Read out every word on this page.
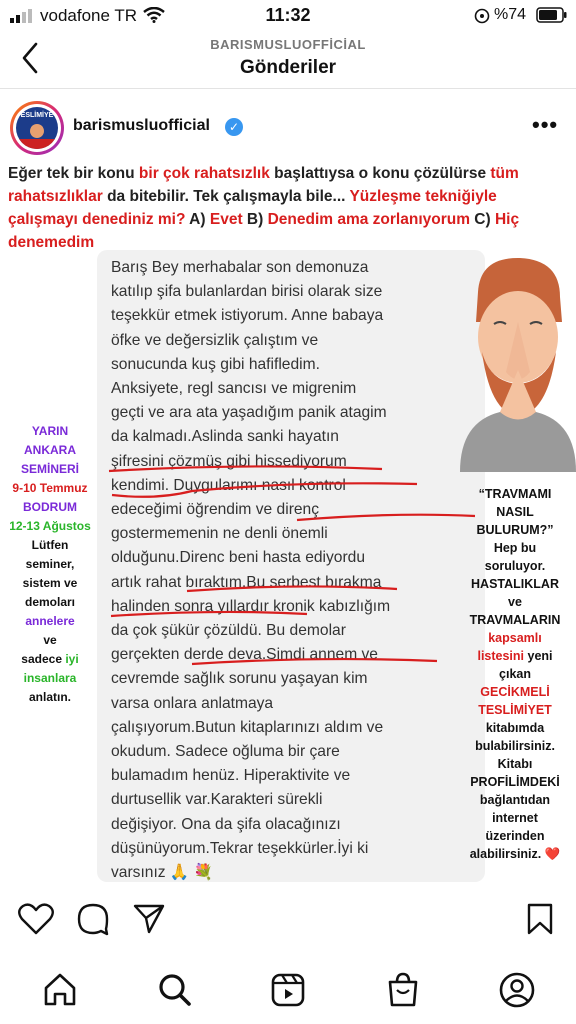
vodafone TR	11:32	%74
BARISMUSLUOFFİCİAL
Gönderiler
TESLİMİYET
barismusluofficial	✓	•••
Eğer tek bir konu bir çok rahatsızlık başlattıysa o konu çözülürse tüm rahatsızlıklar da bitebilir. Tek çalışmayla bile... Yüzleşme tekniğiyle çalışmayı denediniz mi? A) Evet B) Denedim ama zorlanıyorum C) Hiç denemedim
Barış Bey merhabalar son demonuza
katılıp şifa bulanlardan birisi olarak size
teşekkür etmek istiyorum. Anne babaya
öfke ve değersizlik çalıştım ve
sonucunda kuş gibi hafifledim.
Anksiyete, regl sancısı ve migrenim
geçti ve ara ata yaşadığım panik atagim
da kalmadı.Aslinda sanki hayatın
şifresini çözmüş gibi hissediyorum
kendimi. Duygularımı nasıl kontrol
edeceğimi öğrendim ve direnç
gostermemenin ne denli önemli
olduğunu.Direnc beni hasta ediyordu
artık rahat bıraktım.Bu serbest bırakma
halinden sonra yıllardır kronik kabızlığım
da çok şükür çözüldü. Bu demolar
gerçekten derde deva.Simdi annem ve
cevremde sağlık sorunu yaşayan kim
varsa onlara anlatmaya
çalışıyorum.Butun kitaplarınızı aldım ve
okudum. Sadece oğluma bir çare
bulamadım henüz. Hiperaktivite ve
durtusellik var.Karakteri sürekli
değişiyor. Ona da şifa olacağınızı
düşünüyorum.Tekrar teşekkürler.İyi ki
varsınız 🙏 💐
YARIN
ANKARA
SEMİNERİ
9-10 Temmuz
BODRUM
12-13 Ağustos
Lütfen
seminer,
sistem ve
demoları
annelere
ve
sadece iyi
insanlara
anlatın.
“TRAVMAMI
NASIL
BULURUM?”
Hep bu
soruluyor.
HASTALIKLAR
ve
TRAVMALARIN
kapsamlı
listesini yeni
çıkan
GECİKMELİ
TESLİMİYET
kitabımda
bulabilirsiniz.
Kitabı
PROFİLİMDEKİ
bağlantıdan
internet
üzerinden
alabilirsiniz. ❤️
